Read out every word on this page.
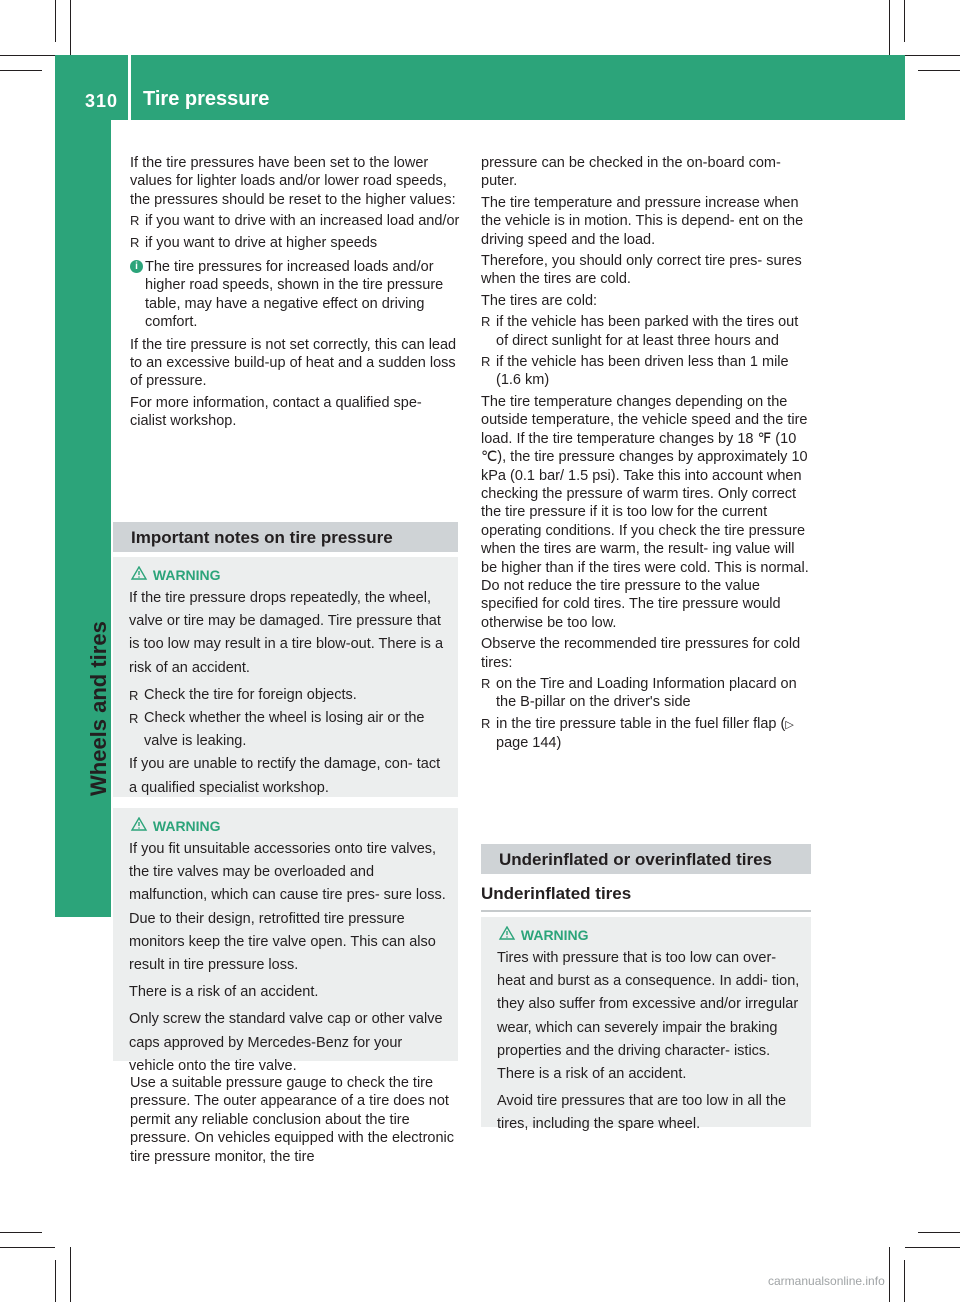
310 Tire pressure
Wheels and tires

If the tire pressures have been set to the lower values for lighter loads and/or lower road speeds, the pressures should be reset to the higher values:

R if you want to drive with an increased load and/or
R if you want to drive at higher speeds
i The tire pressures for increased loads and/or higher road speeds, shown in the tire pressure table, may have a negative effect on driving comfort.

If the tire pressure is not set correctly, this can lead to an excessive build-up of heat and a sudden loss of pressure.

For more information, contact a qualified spe- cialist workshop.

Important notes on tire pressure
WARNING

If the tire pressure drops repeatedly, the wheel, valve or tire may be damaged. Tire pressure that is too low may result in a tire blow-out. There is a risk of an accident.

R Check the tire for foreign objects.
R Check whether the wheel is losing air or the valve is leaking.

If you are unable to rectify the damage, con- tact a qualified specialist workshop.

WARNING

If you fit unsuitable accessories onto tire valves, the tire valves may be overloaded and malfunction, which can cause tire pres- sure loss. Due to their design, retrofitted tire pressure monitors keep the tire valve open. This can also result in tire pressure loss.

There is a risk of an accident.

Only screw the standard valve cap or other valve caps approved by Mercedes-Benz for your vehicle onto the tire valve.

Use a suitable pressure gauge to check the tire pressure. The outer appearance of a tire does not permit any reliable conclusion about the tire pressure. On vehicles equipped with the electronic tire pressure monitor, the tire

pressure can be checked in the on-board com- puter.

The tire temperature and pressure increase when the vehicle is in motion. This is depend- ent on the driving speed and the load.

Therefore, you should only correct tire pres- sures when the tires are cold.

The tires are cold:

R if the vehicle has been parked with the tires out of direct sunlight for at least three hours and
R if the vehicle has been driven less than 1 mile (1.6 km)

The tire temperature changes depending on the outside temperature, the vehicle speed and the tire load. If the tire temperature changes by 18 ℉ (10 ℃), the tire pressure changes by approximately 10 kPa (0.1 bar/ 1.5 psi). Take this into account when checking the pressure of warm tires. Only correct the tire pressure if it is too low for the current operating conditions. If you check the tire pressure when the tires are warm, the result- ing value will be higher than if the tires were cold. This is normal. Do not reduce the tire pressure to the value specified for cold tires. The tire pressure would otherwise be too low.

Observe the recommended tire pressures for cold tires:

R on the Tire and Loading Information placard on the B-pillar on the driver's side
R in the tire pressure table in the fuel filler flap (▷ page 144)
Underinflated or overinflated tires
Underinflated tires
WARNING

Tires with pressure that is too low can over- heat and burst as a consequence. In addi- tion, they also suffer from excessive and/or irregular wear, which can severely impair the braking properties and the driving character- istics. There is a risk of an accident.

Avoid tire pressures that are too low in all the tires, including the spare wheel.

carmanualsonline.info
